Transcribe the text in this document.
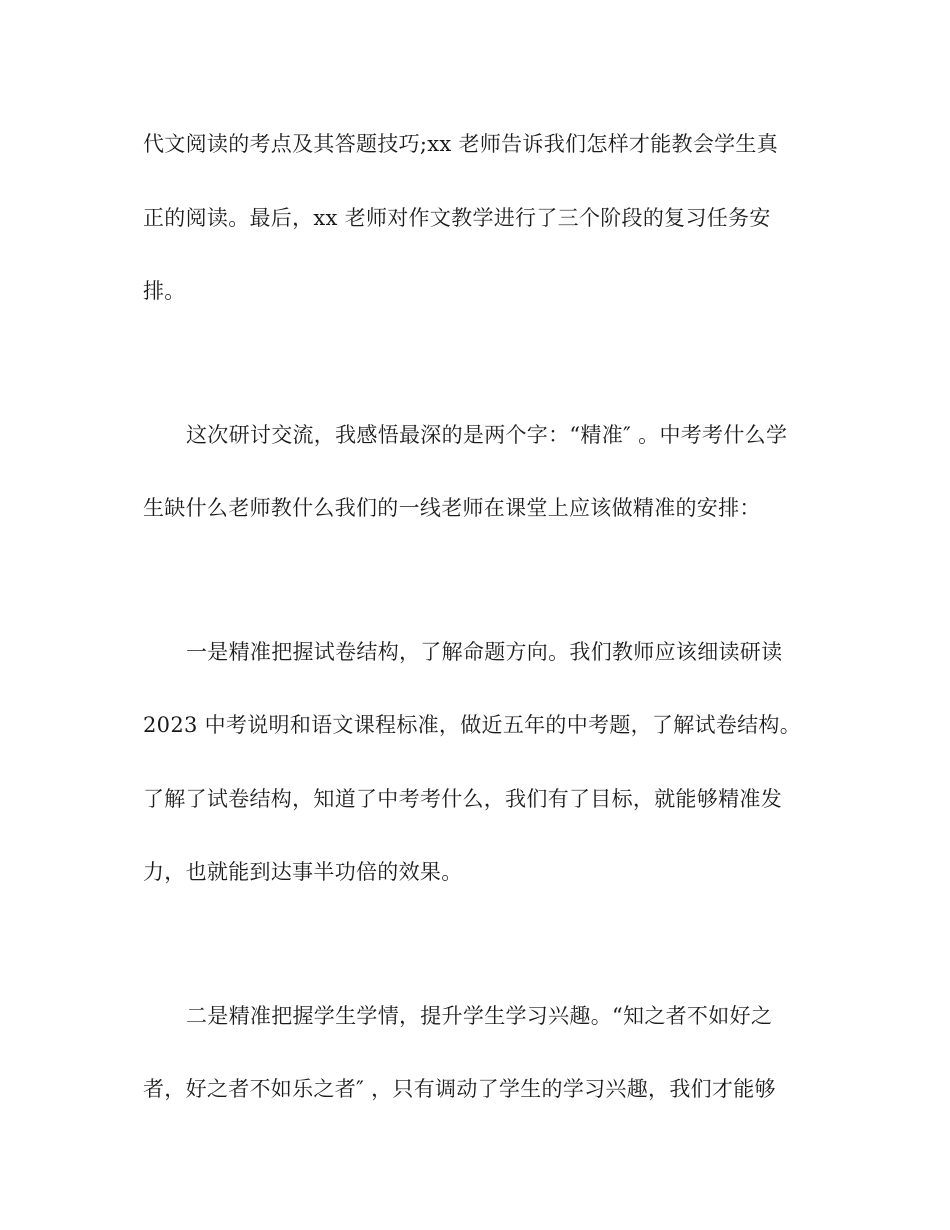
代文阅读的考点及其答题技巧;xx 老师告诉我们怎样才能教会学生真
正的阅读。最后，xx 老师对作文教学进行了三个阶段的复习任务安
排。
这次研讨交流，我感悟最深的是两个字：“精准″ 。中考考什么学
生缺什么老师教什么我们的一线老师在课堂上应该做精准的安排：
一是精准把握试卷结构，了解命题方向。我们教师应该细读研读
2023 中考说明和语文课程标准，做近五年的中考题，了解试卷结构。
了解了试卷结构，知道了中考考什么，我们有了目标，就能够精准发
力，也就能到达事半功倍的效果。
二是精准把握学生学情，提升学生学习兴趣。“知之者不如好之
者，好之者不如乐之者″ ，只有调动了学生的学习兴趣，我们才能够
